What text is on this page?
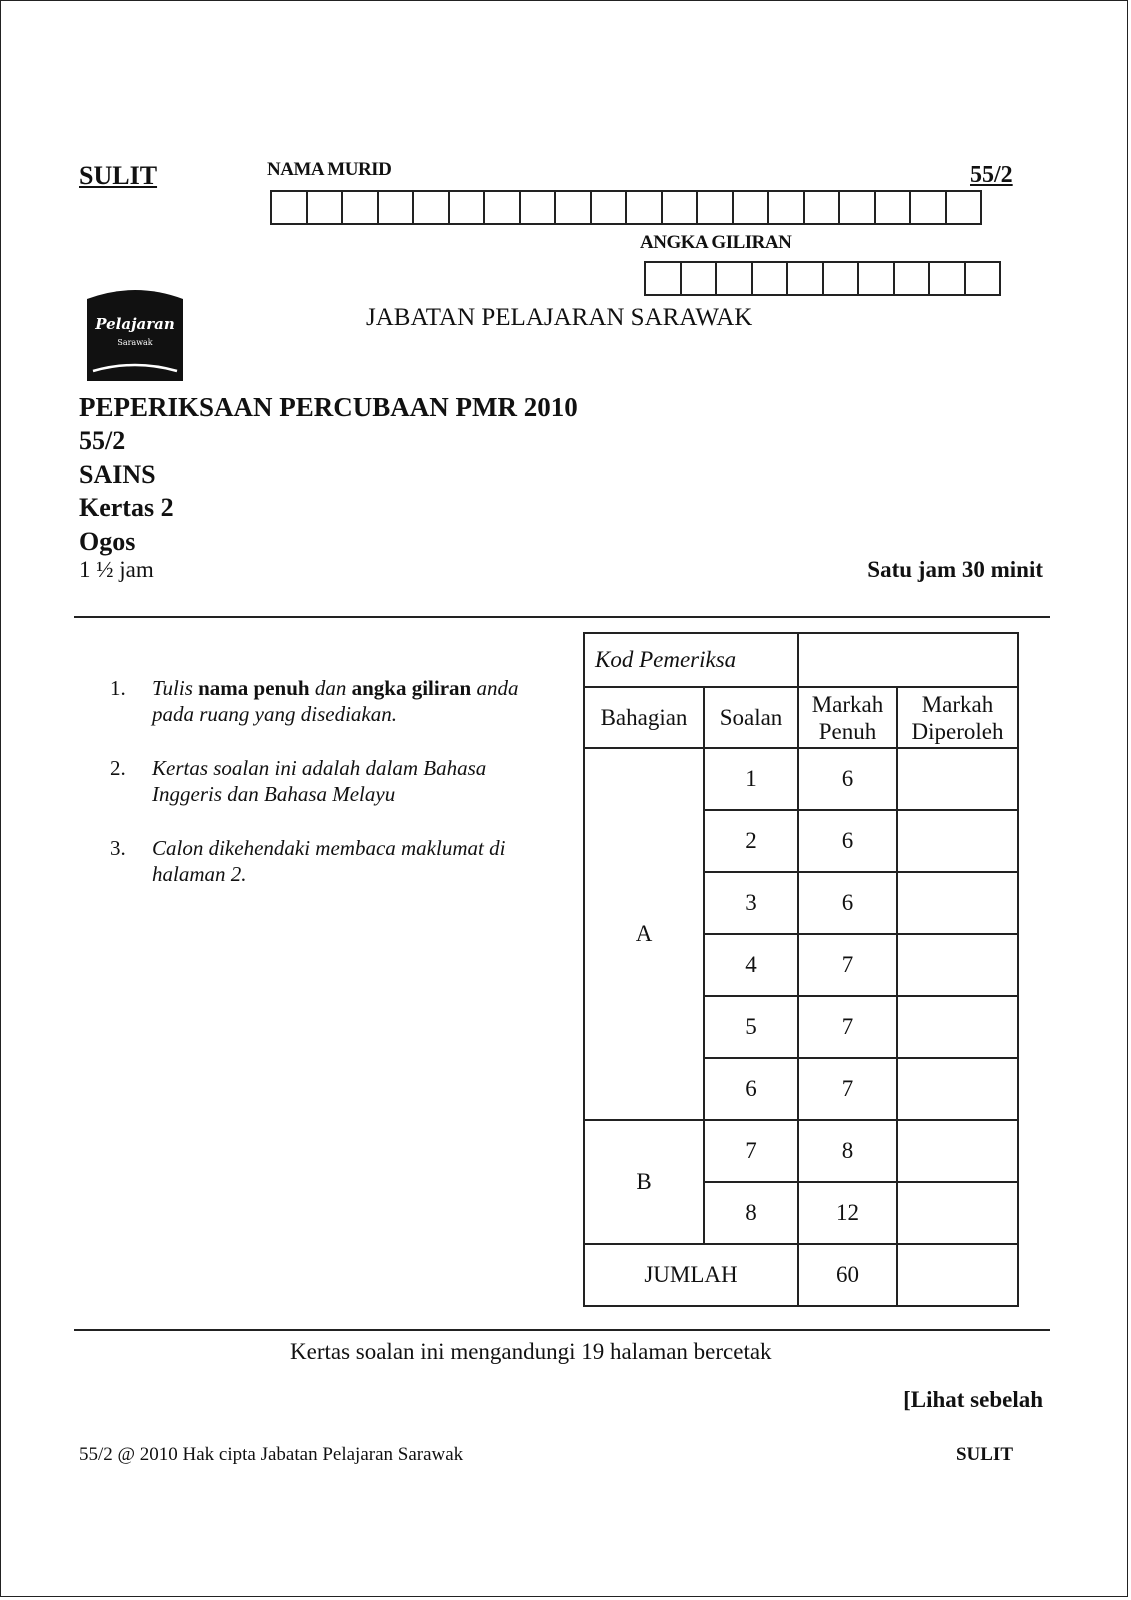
SULIT	NAMA MURID	55/2
ANGKA GILIRAN
Pelajaran
Sarawak
JABATAN PELAJARAN SARAWAK
PEPERIKSAAN PERCUBAAN PMR 2010
55/2
SAINS
Kertas 2
Ogos
1 ½ jam	Satu jam 30 minit
1. Tulis nama penuh dan angka giliran anda
pada ruang yang disediakan.
2. Kertas soalan ini adalah dalam Bahasa Inggeris dan Bahasa Melayu
3. Calon dikehendaki membaca maklumat di halaman 2.
Kod Pemeriksa			
Bahagian	Soalan	Markah Penuh	Markah Diperoleh
A	1	6	
	2	6	
	3	6	
	4	7	
	5	7	
	6	7	
B	7	8	
	8	12	
JUMLAH		60	
Kertas soalan ini mengandungi 19 halaman bercetak
[Lihat sebelah
55/2 @ 2010 Hak cipta Jabatan Pelajaran Sarawak	SULIT
